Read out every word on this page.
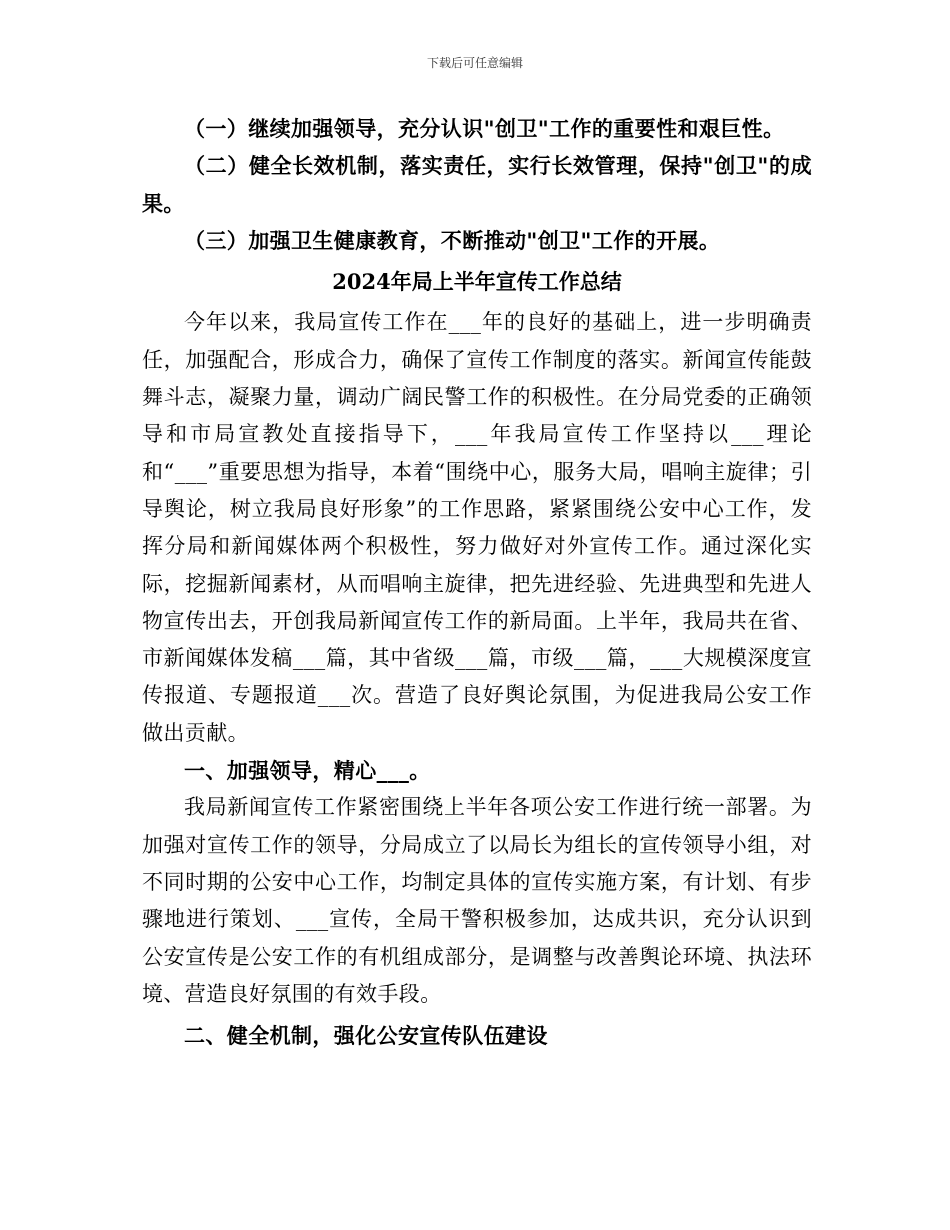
下载后可任意编辑

（一）继续加强领导，充分认识"创卫"工作的重要性和艰巨性。

（二）健全长效机制，落实责任，实行长效管理，保持"创卫"的成果。

（三）加强卫生健康教育，不断推动"创卫"工作的开展。

2024年局上半年宣传工作总结

今年以来，我局宣传工作在___年的良好的基础上，进一步明确责任，加强配合，形成合力，确保了宣传工作制度的落实。新闻宣传能鼓舞斗志，凝聚力量，调动广阔民警工作的积极性。在分局党委的正确领导和市局宣教处直接指导下，___年我局宣传工作坚持以___理论和“___”重要思想为指导，本着“围绕中心，服务大局，唱响主旋律；引导舆论，树立我局良好形象”的工作思路，紧紧围绕公安中心工作，发挥分局和新闻媒体两个积极性，努力做好对外宣传工作。通过深化实际，挖掘新闻素材，从而唱响主旋律，把先进经验、先进典型和先进人物宣传出去，开创我局新闻宣传工作的新局面。上半年，我局共在省、市新闻媒体发稿___篇，其中省级___篇，市级___篇，___大规模深度宣传报道、专题报道___次。营造了良好舆论氛围，为促进我局公安工作做出贡献。

一、加强领导，精心___。

我局新闻宣传工作紧密围绕上半年各项公安工作进行统一部署。为加强对宣传工作的领导，分局成立了以局长为组长的宣传领导小组，对不同时期的公安中心工作，均制定具体的宣传实施方案，有计划、有步骤地进行策划、___宣传，全局干警积极参加，达成共识，充分认识到公安宣传是公安工作的有机组成部分，是调整与改善舆论环境、执法环境、营造良好氛围的有效手段。

二、健全机制，强化公安宣传队伍建设
